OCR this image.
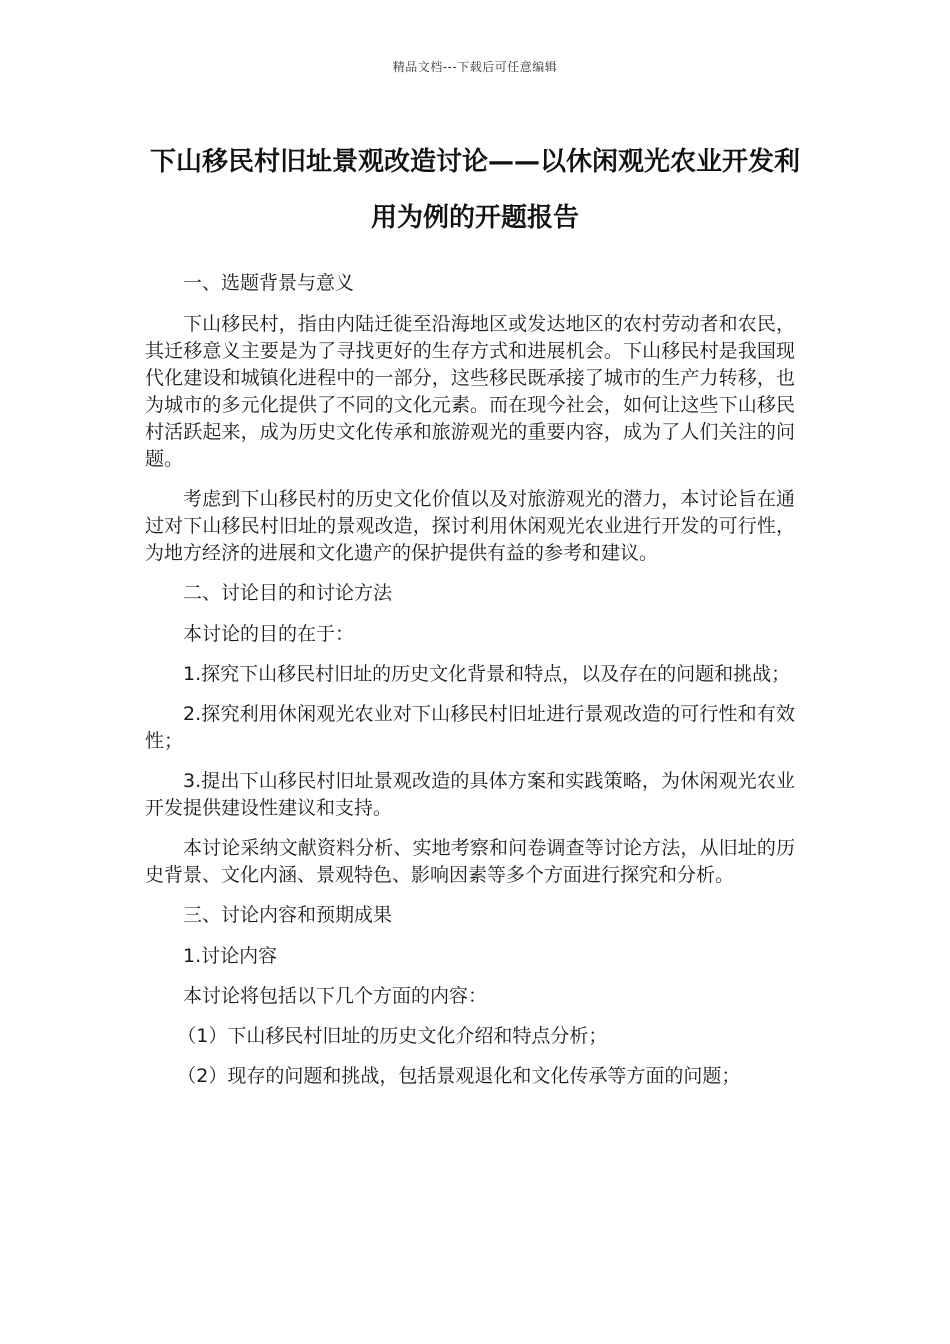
精品文档---下载后可任意编辑
下山移民村旧址景观改造讨论——以休闲观光农业开发利用为例的开题报告

一、选题背景与意义

下山移民村，指由内陆迁徙至沿海地区或发达地区的农村劳动者和农民，其迁移意义主要是为了寻找更好的生存方式和进展机会。下山移民村是我国现代化建设和城镇化进程中的一部分，这些移民既承接了城市的生产力转移，也为城市的多元化提供了不同的文化元素。而在现今社会，如何让这些下山移民村活跃起来，成为历史文化传承和旅游观光的重要内容，成为了人们关注的问题。

考虑到下山移民村的历史文化价值以及对旅游观光的潜力，本讨论旨在通过对下山移民村旧址的景观改造，探讨利用休闲观光农业进行开发的可行性，为地方经济的进展和文化遗产的保护提供有益的参考和建议。

二、讨论目的和讨论方法

本讨论的目的在于：

1.探究下山移民村旧址的历史文化背景和特点，以及存在的问题和挑战；

2.探究利用休闲观光农业对下山移民村旧址进行景观改造的可行性和有效性；

3.提出下山移民村旧址景观改造的具体方案和实践策略，为休闲观光农业开发提供建设性建议和支持。

本讨论采纳文献资料分析、实地考察和问卷调查等讨论方法，从旧址的历史背景、文化内涵、景观特色、影响因素等多个方面进行探究和分析。

三、讨论内容和预期成果

1.讨论内容

本讨论将包括以下几个方面的内容：

（1）下山移民村旧址的历史文化介绍和特点分析；

（2）现存的问题和挑战，包括景观退化和文化传承等方面的问题；
